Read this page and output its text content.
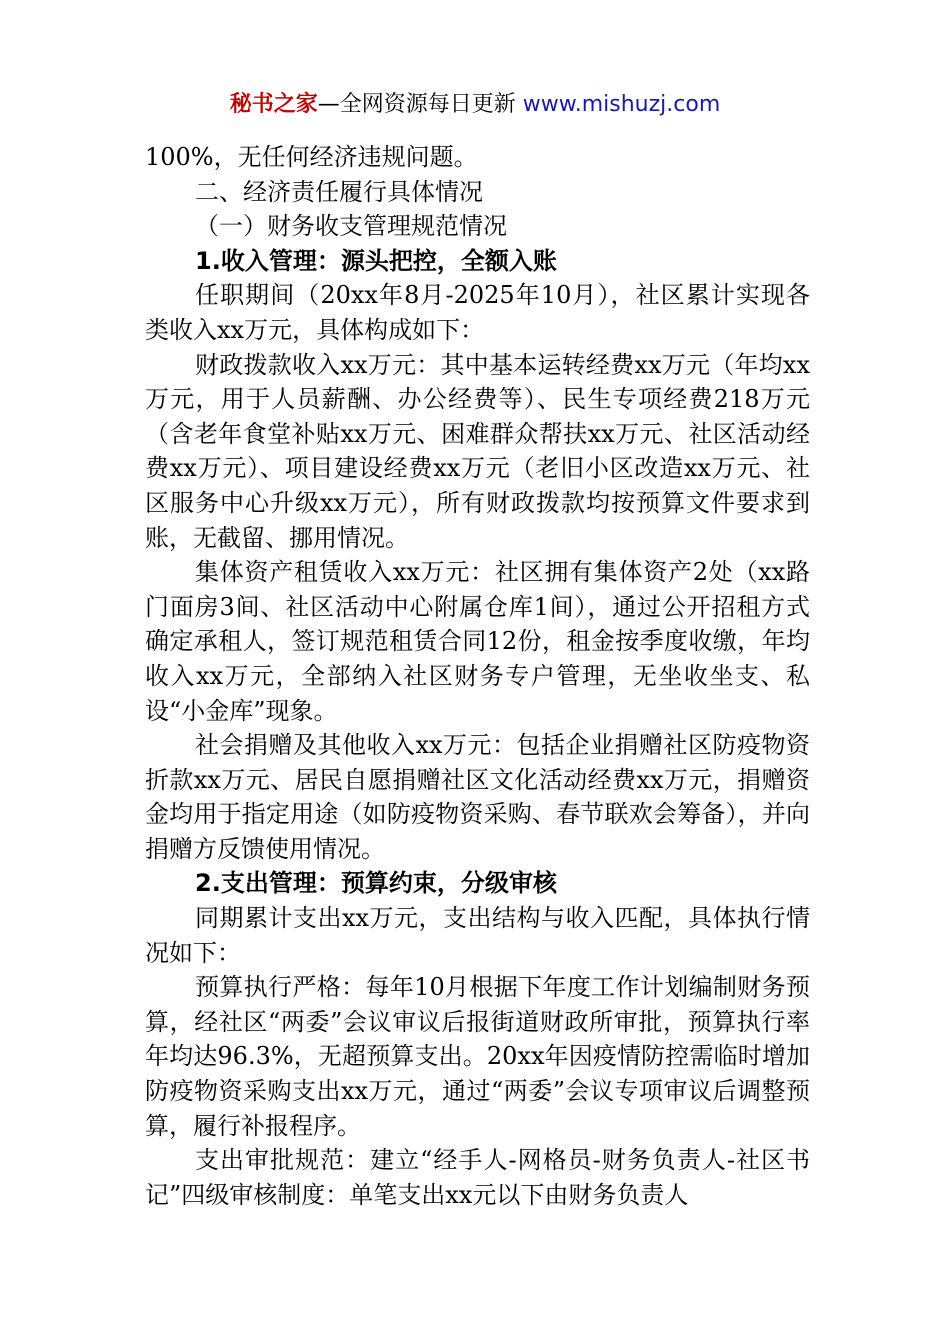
秘书之家—全网资源每日更新 www.mishuzj.com

100%，无任何经济违规问题。

二、经济责任履行具体情况

（一）财务收支管理规范情况

1.收入管理：源头把控，全额入账

任职期间（20xx年8月-2025年10月），社区累计实现各类收入xx万元，具体构成如下：

财政拨款收入xx万元：其中基本运转经费xx万元（年均xx万元，用于人员薪酬、办公经费等）、民生专项经费218万元（含老年食堂补贴xx万元、困难群众帮扶xx万元、社区活动经费xx万元）、项目建设经费xx万元（老旧小区改造xx万元、社区服务中心升级xx万元），所有财政拨款均按预算文件要求到账，无截留、挪用情况。

集体资产租赁收入xx万元：社区拥有集体资产2处（xx路门面房3间、社区活动中心附属仓库1间），通过公开招租方式确定承租人，签订规范租赁合同12份，租金按季度收缴，年均收入xx万元，全部纳入社区财务专户管理，无坐收坐支、私设“小金库”现象。

社会捐赠及其他收入xx万元：包括企业捐赠社区防疫物资折款xx万元、居民自愿捐赠社区文化活动经费xx万元，捐赠资金均用于指定用途（如防疫物资采购、春节联欢会筹备），并向捐赠方反馈使用情况。

2.支出管理：预算约束，分级审核

同期累计支出xx万元，支出结构与收入匹配，具体执行情况如下：

预算执行严格：每年10月根据下年度工作计划编制财务预算，经社区“两委”会议审议后报街道财政所审批，预算执行率年均达96.3%，无超预算支出。20xx年因疫情防控需临时增加防疫物资采购支出xx万元，通过“两委”会议专项审议后调整预算，履行补报程序。

支出审批规范：建立“经手人-网格员-财务负责人-社区书记”四级审核制度：单笔支出xx元以下由财务负责人
